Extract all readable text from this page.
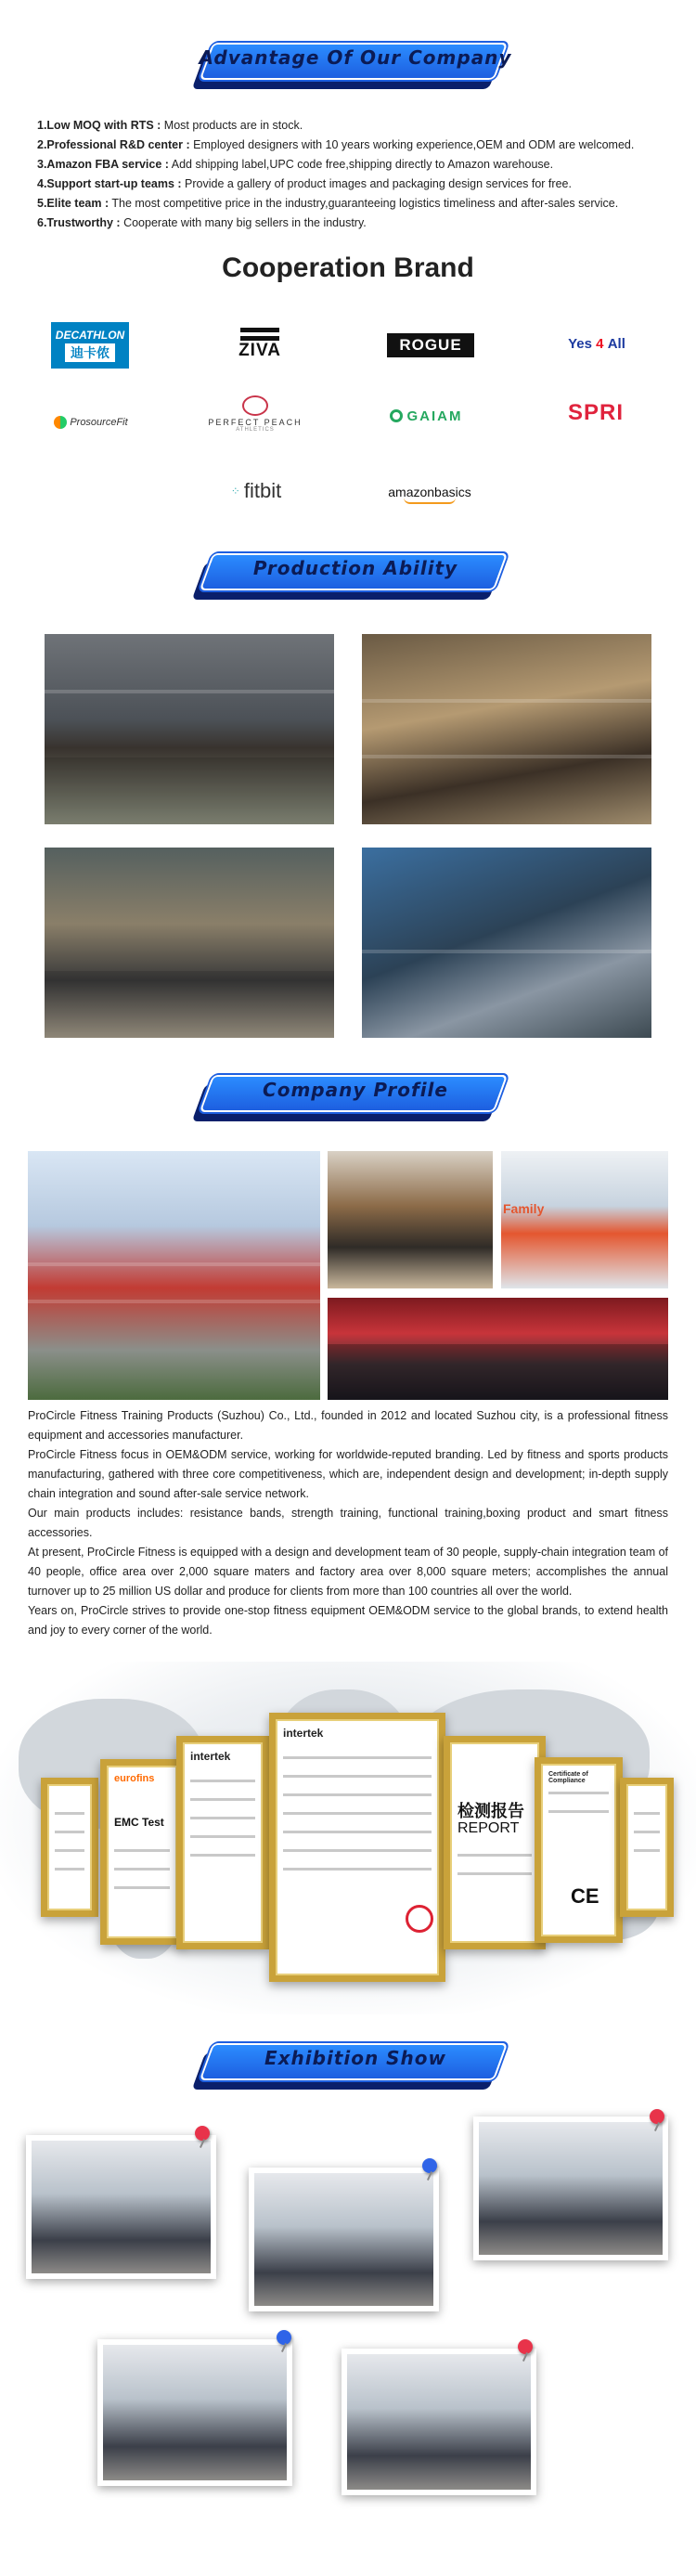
Advantage Of Our Company
1.Low MOQ with RTS : Most products are in stock.
2.Professional R&D center : Employed designers with 10 years working experience,OEM and ODM are welcomed.
3.Amazon FBA service : Add shipping label,UPC code free,shipping directly to Amazon warehouse.
4.Support start-up teams : Provide a gallery of product images and packaging design services for free.
5.Elite team : The most competitive price in the industry,guaranteeing logistics timeliness and after-sales service.
6.Trustworthy : Cooperate with many big sellers in the industry.
Cooperation Brand
DECATHLON
迪卡侬	ZIVA	ROGUE	Yes
4
All
ProsourceFit	PERFECT PEACH
ATHLETICS
GAIAM	SPRI
⁘ fitbit	amazonbasics
Production Ability
Company Profile
Family

ProCircle Fitness Training Products (Suzhou) Co., Ltd., founded in 2012 and located Suzhou city, is a professional fitness equipment and accessories manufacturer.

ProCircle Fitness focus in OEM&ODM service, working for worldwide-reputed branding. Led by fitness and sports products manufacturing, gathered with three core competitiveness, which are, independent design and development; in-depth supply chain integration and sound after-sale service network.

Our main products includes: resistance bands, strength training, functional training,boxing product and smart fitness accessories.

At present, ProCircle Fitness is equipped with a design and development team of 30 people, supply-chain integration team of 40 people, office area over 2,000 square maters and factory area over 8,000 square meters; accomplishes the annual turnover up to 25 million US dollar and produce for clients from more than 100 countries all over the world.

Years on, ProCircle strives to provide one-stop fitness equipment OEM&ODM service to the global brands, to extend health and joy to every corner of the world.

eurofins
EMC Test
intertek
intertek
检测报告
REPORT
Certificate of Compliance
CE
Exhibition Show
